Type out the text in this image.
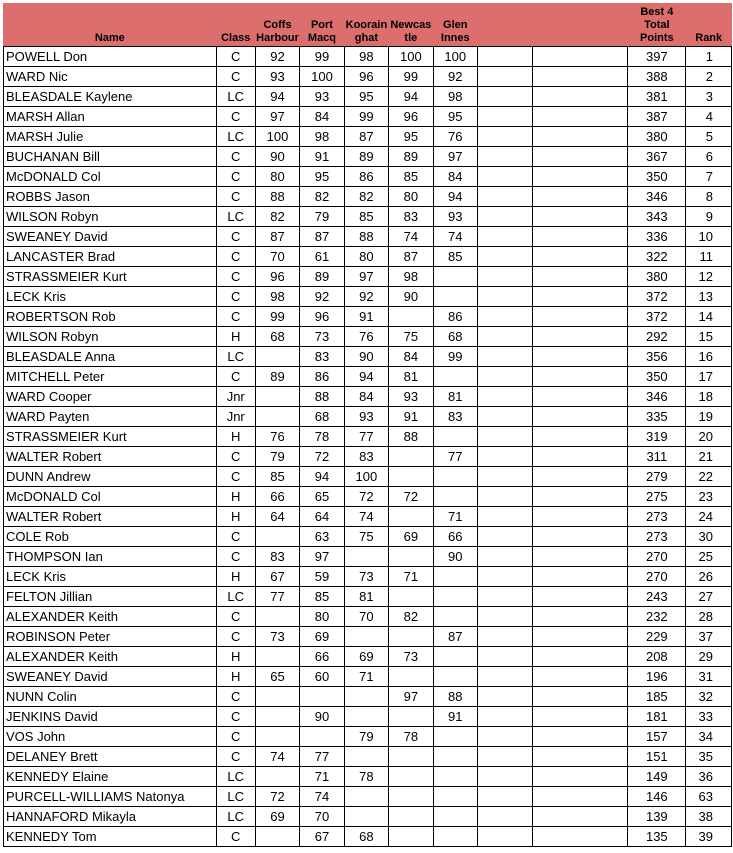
Name	Class	Coffs Harbour	Port Macq	Koorain ghat	Newcas tle	Glen Innes			Best 4 Total Points	Rank
POWELL Don	C	92	99	98	100	100			397	1
WARD Nic	C	93	100	96	99	92			388	2
BLEASDALE Kaylene	LC	94	93	95	94	98			381	3
MARSH Allan	C	97	84	99	96	95			387	4
MARSH Julie	LC	100	98	87	95	76			380	5
BUCHANAN Bill	C	90	91	89	89	97			367	6
McDONALD Col	C	80	95	86	85	84			350	7
ROBBS Jason	C	88	82	82	80	94			346	8
WILSON Robyn	LC	82	79	85	83	93			343	9
SWEANEY David	C	87	87	88	74	74			336	10
LANCASTER Brad	C	70	61	80	87	85			322	11
STRASSMEIER Kurt	C	96	89	97	98				380	12
LECK Kris	C	98	92	92	90				372	13
ROBERTSON Rob	C	99	96	91		86			372	14
WILSON Robyn	H	68	73	76	75	68			292	15
BLEASDALE Anna	LC		83	90	84	99			356	16
MITCHELL Peter	C	89	86	94	81				350	17
WARD Cooper	Jnr		88	84	93	81			346	18
WARD Payten	Jnr		68	93	91	83			335	19
STRASSMEIER Kurt	H	76	78	77	88				319	20
WALTER Robert	C	79	72	83		77			311	21
DUNN Andrew	C	85	94	100					279	22
McDONALD Col	H	66	65	72	72				275	23
WALTER Robert	H	64	64	74		71			273	24
COLE Rob	C		63	75	69	66			273	30
THOMPSON Ian	C	83	97			90			270	25
LECK Kris	H	67	59	73	71				270	26
FELTON Jillian	LC	77	85	81					243	27
ALEXANDER Keith	C		80	70	82				232	28
ROBINSON Peter	C	73	69			87			229	37
ALEXANDER Keith	H		66	69	73				208	29
SWEANEY David	H	65	60	71					196	31
NUNN Colin	C				97	88			185	32
JENKINS David	C		90			91			181	33
VOS John	C			79	78				157	34
DELANEY Brett	C	74	77						151	35
KENNEDY Elaine	LC		71	78					149	36
PURCELL-WILLIAMS Natonya	LC	72	74						146	63
HANNAFORD Mikayla	LC	69	70						139	38
KENNEDY Tom	C		67	68					135	39
